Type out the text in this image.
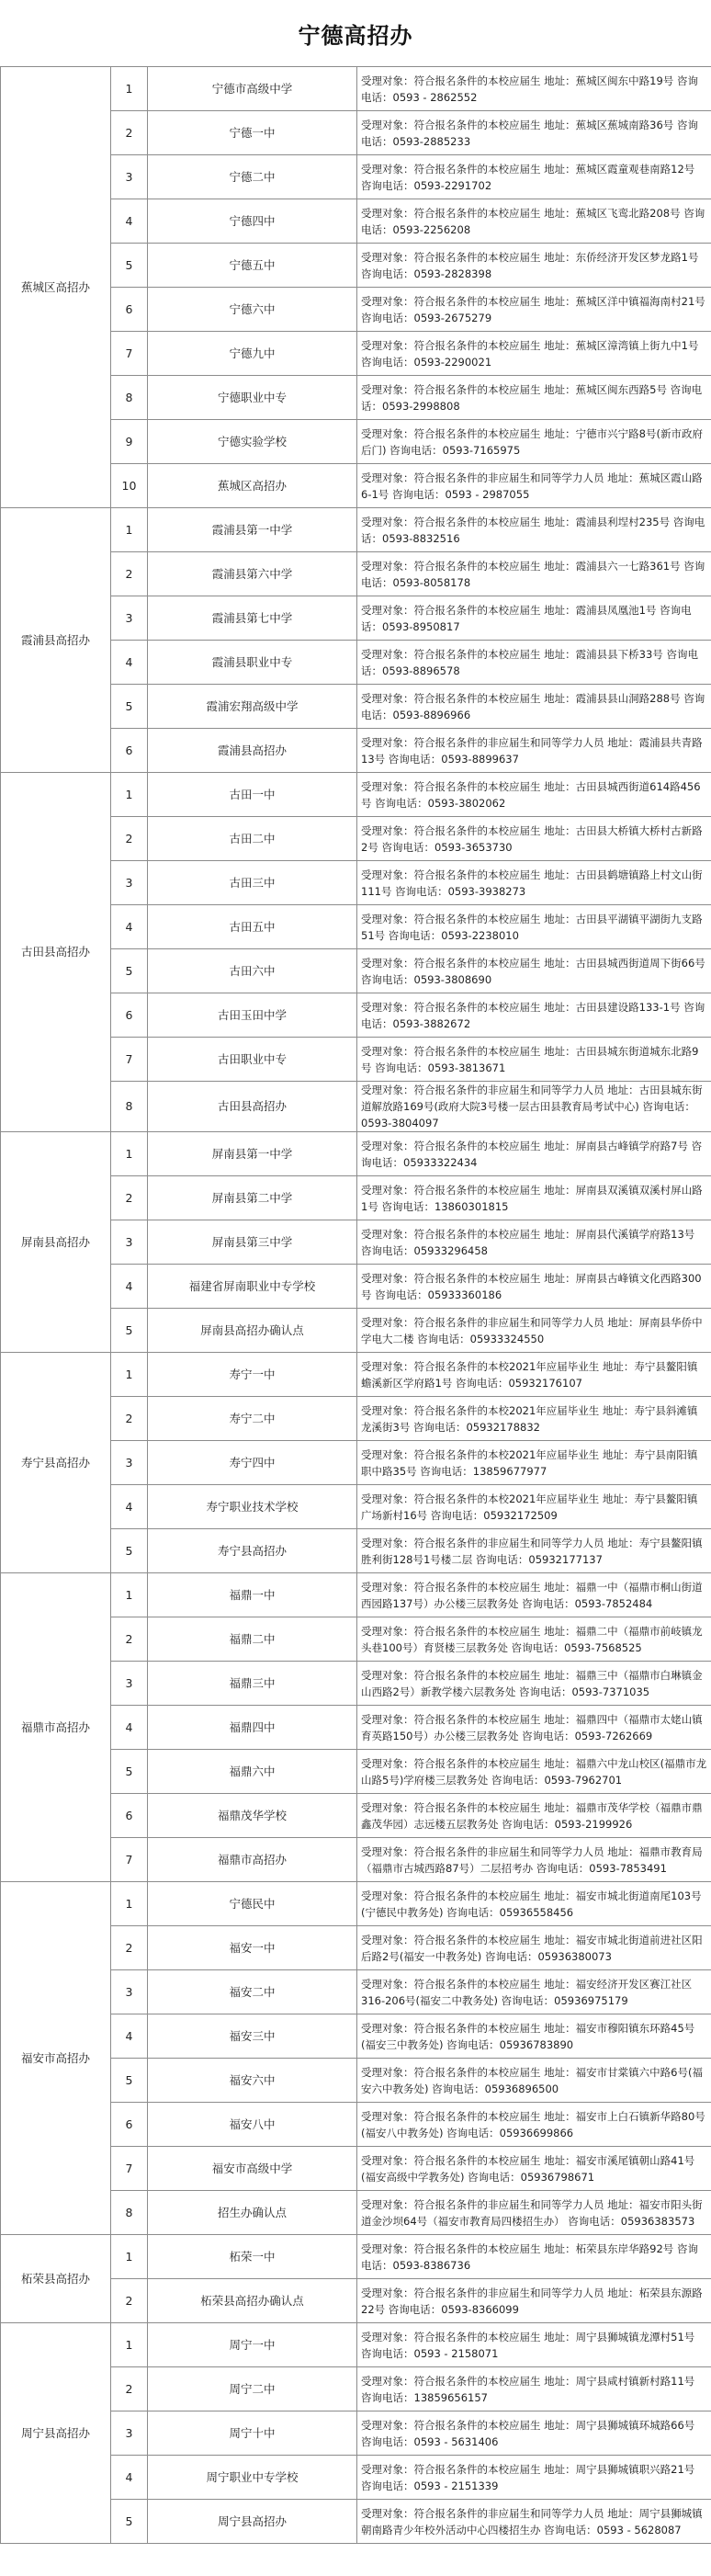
宁德高招办
蕉城区高招办	1	宁德市高级中学	受理对象：符合报名条件的本校应届生 地址：蕉城区闽东中路19号 咨询电话：0593 - 2862552
	2	宁德一中	受理对象：符合报名条件的本校应届生 地址：蕉城区蕉城南路36号 咨询电话：0593-2885233
	3	宁德二中	受理对象：符合报名条件的本校应届生 地址：蕉城区霞童观巷南路12号 咨询电话：0593-2291702
	4	宁德四中	受理对象：符合报名条件的本校应届生 地址：蕉城区飞鸾北路208号 咨询电话：0593-2256208
	5	宁德五中	受理对象：符合报名条件的本校应届生 地址：东侨经济开发区梦龙路1号 咨询电话：0593-2828398
	6	宁德六中	受理对象：符合报名条件的本校应届生 地址：蕉城区洋中镇福海南村21号 咨询电话：0593-2675279
	7	宁德九中	受理对象：符合报名条件的本校应届生 地址：蕉城区漳湾镇上街九中1号 咨询电话：0593-2290021
	8	宁德职业中专	受理对象：符合报名条件的本校应届生 地址：蕉城区闽东西路5号 咨询电话：0593-2998808
	9	宁德实验学校	受理对象：符合报名条件的本校应届生 地址：宁德市兴宁路8号(新市政府后门) 咨询电话：0593-7165975
	10	蕉城区高招办	受理对象：符合报名条件的非应届生和同等学力人员 地址：蕉城区霞山路6-1号 咨询电话：0593 - 2987055
霞浦县高招办	1	霞浦县第一中学	受理对象：符合报名条件的本校应届生 地址：霞浦县利埕村235号 咨询电话：0593-8832516
	2	霞浦县第六中学	受理对象：符合报名条件的本校应届生 地址：霞浦县六一七路361号 咨询电话：0593-8058178
	3	霞浦县第七中学	受理对象：符合报名条件的本校应届生 地址：霞浦县凤凰池1号 咨询电话：0593-8950817
	4	霞浦县职业中专	受理对象：符合报名条件的本校应届生 地址：霞浦县县下桥33号 咨询电话：0593-8896578
	5	霞浦宏翔高级中学	受理对象：符合报名条件的本校应届生 地址：霞浦县县山洞路288号 咨询电话：0593-8896966
	6	霞浦县高招办	受理对象：符合报名条件的非应届生和同等学力人员 地址：霞浦县共青路13号 咨询电话：0593-8899637
古田县高招办	1	古田一中	受理对象：符合报名条件的本校应届生 地址：古田县城西街道614路456号 咨询电话：0593-3802062
	2	古田二中	受理对象：符合报名条件的本校应届生 地址：古田县大桥镇大桥村古新路2号 咨询电话：0593-3653730
	3	古田三中	受理对象：符合报名条件的本校应届生 地址：古田县鹤塘镇路上村文山街111号 咨询电话：0593-3938273
	4	古田五中	受理对象：符合报名条件的本校应届生 地址：古田县平湖镇平湖街九支路51号 咨询电话：0593-2238010
	5	古田六中	受理对象：符合报名条件的本校应届生 地址：古田县城西街道周下街66号 咨询电话：0593-3808690
	6	古田玉田中学	受理对象：符合报名条件的本校应届生 地址：古田县建设路133-1号 咨询电话：0593-3882672
	7	古田职业中专	受理对象：符合报名条件的本校应届生 地址：古田县城东街道城东北路9号 咨询电话：0593-3813671
	8	古田县高招办	受理对象：符合报名条件的非应届生和同等学力人员 地址：古田县城东街道解放路169号(政府大院3号楼一层古田县教育局考试中心) 咨询电话：0593-3804097
屏南县高招办	1	屏南县第一中学	受理对象：符合报名条件的本校应届生 地址：屏南县古峰镇学府路7号 咨询电话：05933322434
	2	屏南县第二中学	受理对象：符合报名条件的本校应届生 地址：屏南县双溪镇双溪村屏山路1号 咨询电话：13860301815
	3	屏南县第三中学	受理对象：符合报名条件的本校应届生 地址：屏南县代溪镇学府路13号 咨询电话：05933296458
	4	福建省屏南职业中专学校	受理对象：符合报名条件的本校应届生 地址：屏南县古峰镇文化西路300号 咨询电话：05933360186
	5	屏南县高招办确认点	受理对象：符合报名条件的非应届生和同等学力人员 地址：屏南县华侨中学电大二楼 咨询电话：05933324550
寿宁县高招办	1	寿宁一中	受理对象：符合报名条件的本校2021年应届毕业生 地址：寿宁县鳌阳镇蟾溪新区学府路1号 咨询电话：05932176107
	2	寿宁二中	受理对象：符合报名条件的本校2021年应届毕业生 地址：寿宁县斜滩镇龙溪街3号 咨询电话：05932178832
	3	寿宁四中	受理对象：符合报名条件的本校2021年应届毕业生 地址：寿宁县南阳镇职中路35号 咨询电话：13859677977
	4	寿宁职业技术学校	受理对象：符合报名条件的本校2021年应届毕业生 地址：寿宁县鳌阳镇广场新村16号 咨询电话：05932172509
	5	寿宁县高招办	受理对象：符合报名条件的非应届生和同等学力人员 地址：寿宁县鳌阳镇胜利街128号1号楼二层 咨询电话：05932177137
福鼎市高招办	1	福鼎一中	受理对象：符合报名条件的本校应届生 地址：福鼎一中（福鼎市桐山街道西园路137号）办公楼三层教务处 咨询电话：0593-7852484
	2	福鼎二中	受理对象：符合报名条件的本校应届生 地址：福鼎二中（福鼎市前岐镇龙头巷100号）育贤楼三层教务处 咨询电话：0593-7568525
	3	福鼎三中	受理对象：符合报名条件的本校应届生 地址：福鼎三中（福鼎市白琳镇金山西路2号）新教学楼六层教务处 咨询电话：0593-7371035
	4	福鼎四中	受理对象：符合报名条件的本校应届生 地址：福鼎四中（福鼎市太姥山镇育英路150号）办公楼三层教务处 咨询电话：0593-7262669
	5	福鼎六中	受理对象：符合报名条件的本校应届生 地址：福鼎六中龙山校区(福鼎市龙山路5号)学府楼三层教务处 咨询电话：0593-7962701
	6	福鼎茂华学校	受理对象：符合报名条件的本校应届生 地址：福鼎市茂华学校（福鼎市鼎鑫茂华园）志远楼五层教务处 咨询电话：0593-2199926
	7	福鼎市高招办	受理对象：符合报名条件的非应届生和同等学力人员 地址：福鼎市教育局（福鼎市古城西路87号）二层招考办 咨询电话：0593-7853491
福安市高招办	1	宁德民中	受理对象：符合报名条件的本校应届生 地址：福安市城北街道南尾103号(宁德民中教务处) 咨询电话：05936558456
	2	福安一中	受理对象：符合报名条件的本校应届生 地址：福安市城北街道前进社区阳后路2号(福安一中教务处) 咨询电话：05936380073
	3	福安二中	受理对象：符合报名条件的本校应届生 地址：福安经济开发区赛江社区316-206号(福安二中教务处) 咨询电话：05936975179
	4	福安三中	受理对象：符合报名条件的本校应届生 地址：福安市穆阳镇东环路45号(福安三中教务处) 咨询电话：05936783890
	5	福安六中	受理对象：符合报名条件的本校应届生 地址：福安市甘棠镇六中路6号(福安六中教务处) 咨询电话：05936896500
	6	福安八中	受理对象：符合报名条件的本校应届生 地址：福安市上白石镇新华路80号(福安八中教务处) 咨询电话：05936699866
	7	福安市高级中学	受理对象：符合报名条件的本校应届生 地址：福安市溪尾镇朝山路41号(福安高级中学教务处) 咨询电话：05936798671
	8	招生办确认点	受理对象：符合报名条件的非应届生和同等学力人员 地址：福安市阳头街道金沙坝64号（福安市教育局四楼招生办） 咨询电话：05936383573
柘荣县高招办	1	柘荣一中	受理对象：符合报名条件的本校应届生 地址：柘荣县东岸华路92号 咨询电话：0593-8386736
	2	柘荣县高招办确认点	受理对象：符合报名条件的非应届生和同等学力人员 地址：柘荣县东源路22号 咨询电话：0593-8366099
周宁县高招办	1	周宁一中	受理对象：符合报名条件的本校应届生 地址：周宁县狮城镇龙潭村51号 咨询电话：0593 - 2158071
	2	周宁二中	受理对象：符合报名条件的本校应届生 地址：周宁县咸村镇新村路11号 咨询电话：13859656157
	3	周宁十中	受理对象：符合报名条件的本校应届生 地址：周宁县狮城镇环城路66号 咨询电话：0593 - 5631406
	4	周宁职业中专学校	受理对象：符合报名条件的本校应届生 地址：周宁县狮城镇职兴路21号 咨询电话：0593 - 2151339
	5	周宁县高招办	受理对象：符合报名条件的非应届生和同等学力人员 地址：周宁县狮城镇朝南路青少年校外活动中心四楼招生办 咨询电话：0593 - 5628087
